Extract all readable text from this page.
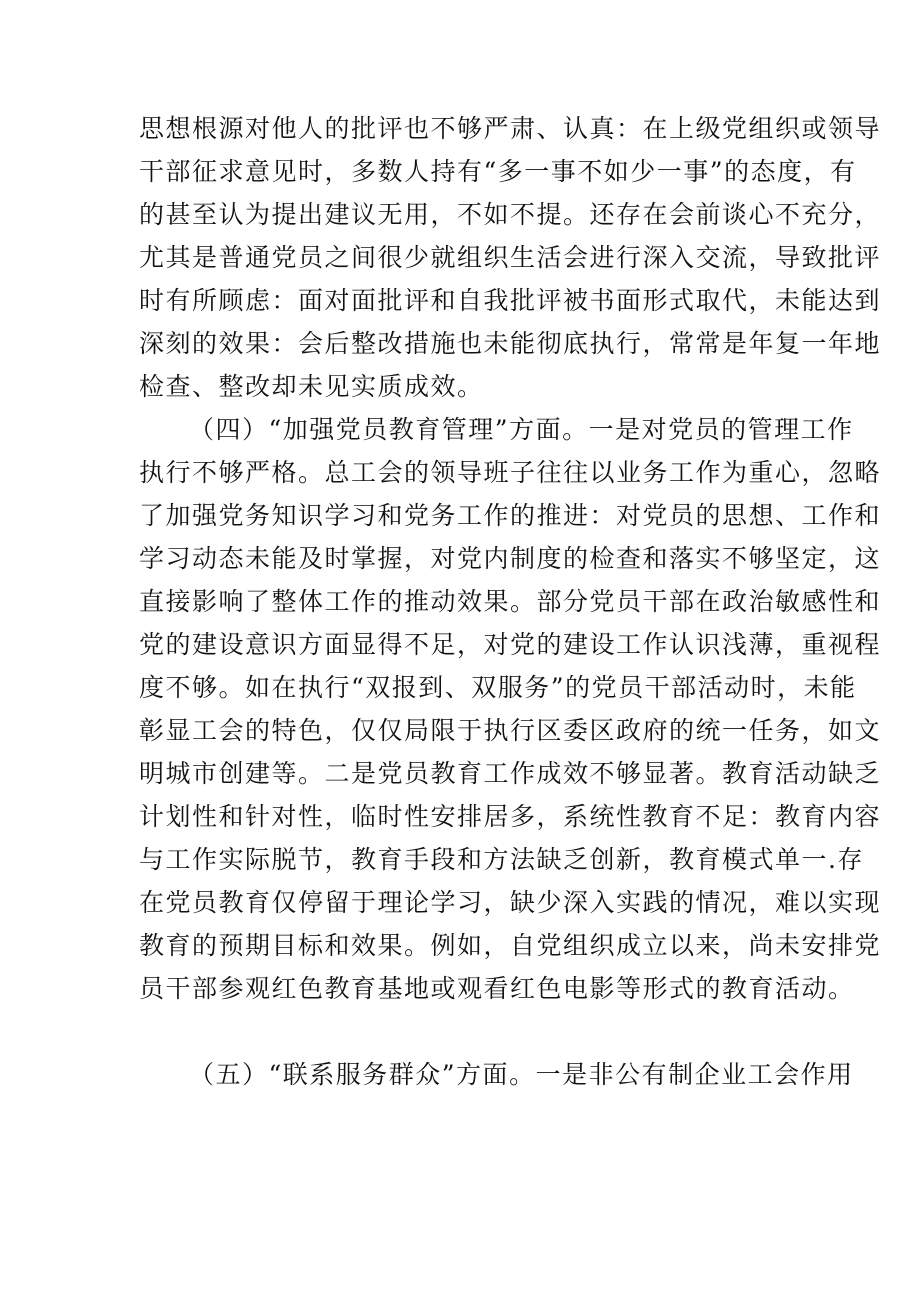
思想根源对他人的批评也不够严肃、认真：在上级党组织或领导
干部征求意见时，多数人持有“多一事不如少一事”的态度，有
的甚至认为提出建议无用，不如不提。还存在会前谈心不充分，
尤其是普通党员之间很少就组织生活会进行深入交流，导致批评
时有所顾虑：面对面批评和自我批评被书面形式取代，未能达到
深刻的效果：会后整改措施也未能彻底执行，常常是年复一年地
检查、整改却未见实质成效。
（四）“加强党员教育管理”方面。一是对党员的管理工作
执行不够严格。总工会的领导班子往往以业务工作为重心，忽略
了加强党务知识学习和党务工作的推进：对党员的思想、工作和
学习动态未能及时掌握，对党内制度的检查和落实不够坚定，这
直接影响了整体工作的推动效果。部分党员干部在政治敏感性和
党的建设意识方面显得不足，对党的建设工作认识浅薄，重视程
度不够。如在执行“双报到、双服务”的党员干部活动时，未能
彰显工会的特色，仅仅局限于执行区委区政府的统一任务，如文
明城市创建等。二是党员教育工作成效不够显著。教育活动缺乏
计划性和针对性，临时性安排居多，系统性教育不足：教育内容
与工作实际脱节，教育手段和方法缺乏创新，教育模式单一.存
在党员教育仅停留于理论学习，缺少深入实践的情况，难以实现
教育的预期目标和效果。例如，自党组织成立以来，尚未安排党
员干部参观红色教育基地或观看红色电影等形式的教育活动。
（五）“联系服务群众”方面。一是非公有制企业工会作用
